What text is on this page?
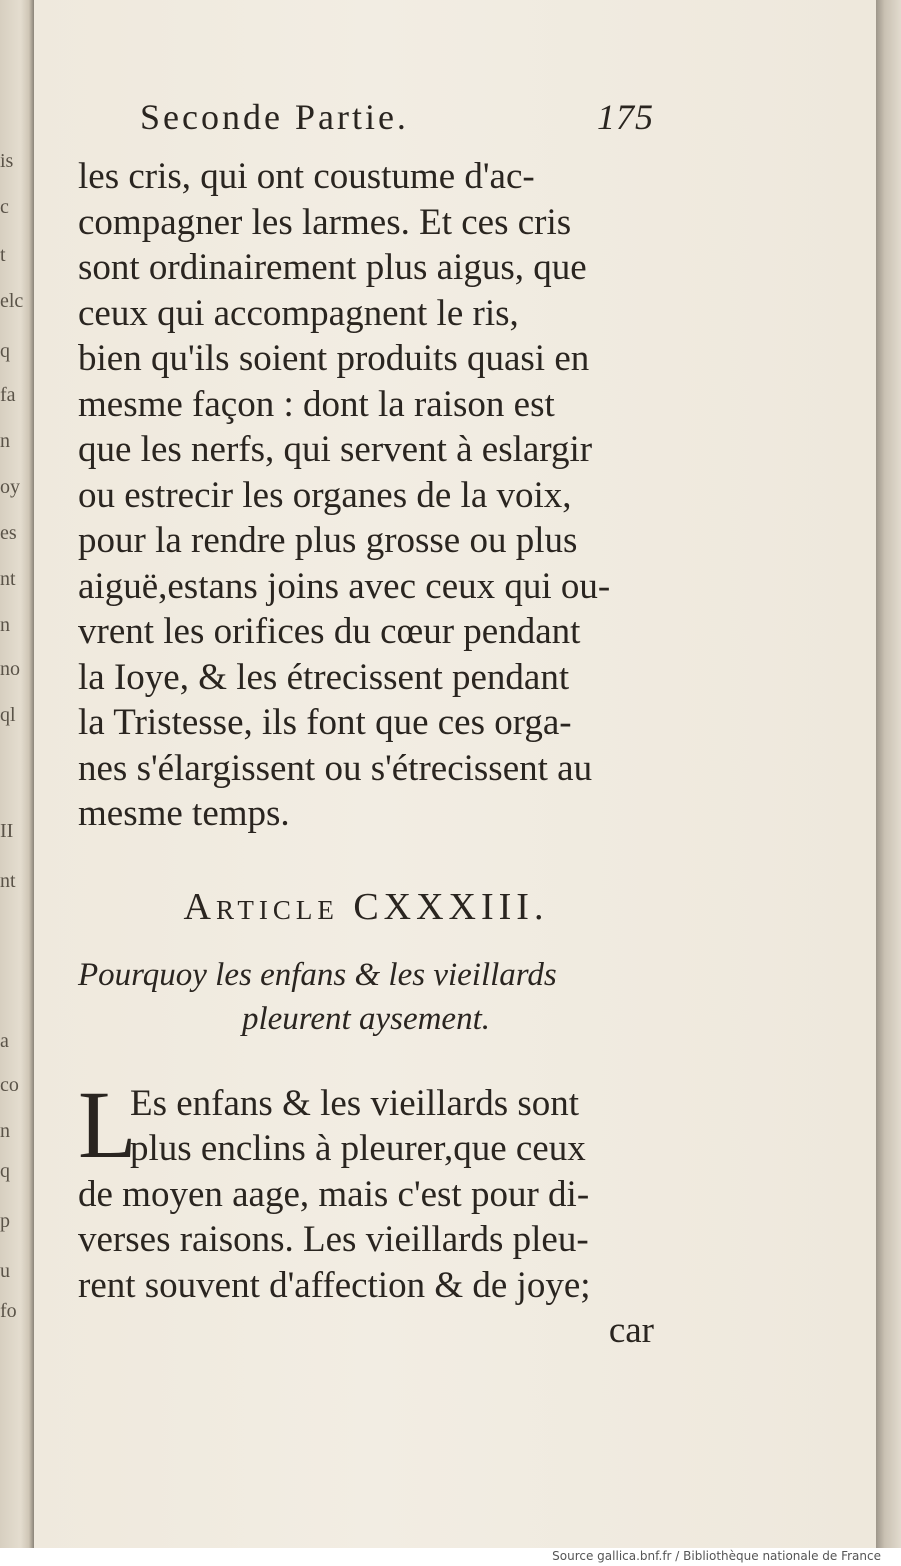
is
c
t
elc
q
fa
n
oy
es
nt
n
no
ql
II
nt
a
co
n
q
p
u
fo
Seconde Partie.	175
les cris, qui ont coustume d'ac-
compagner les larmes. Et ces cris
sont ordinairement plus aigus, que
ceux qui accompagnent le ris,
bien qu'ils soient produits quasi en
mesme façon : dont la raison est
que les nerfs, qui servent à eslargir
ou estrecir les organes de la voix,
pour la rendre plus grosse ou plus
aiguë,estans joins avec ceux qui ou-
vrent les orifices du cœur pendant
la Ioye, & les étrecissent pendant
la Tristesse, ils font que ces orga-
nes s'élargissent ou s'étrecissent au
mesme temps.
Article CXXXIII.
Pourquoy les enfans & les vieillards
pleurent aysement.
L
Es enfans & les vieillards sont
plus enclins à pleurer,que ceux
de moyen aage, mais c'est pour di-
verses raisons. Les vieillards pleu-
rent souvent d'affection & de joye;
car
Source gallica.bnf.fr / Bibliothèque nationale de France
